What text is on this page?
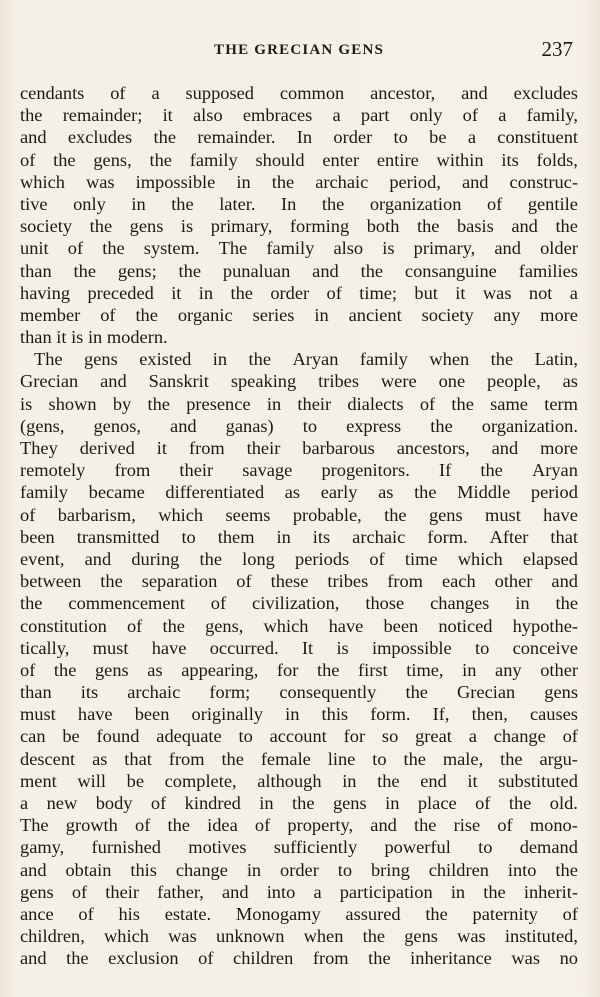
THE GRECIAN GENS	237
cendants of a supposed common ancestor, and excludes
the remainder; it also embraces a part only of a family,
and excludes the remainder. In order to be a constituent
of the gens, the family should enter entire within its folds,
which was impossible in the archaic period, and construc-
tive only in the later. In the organization of gentile
society the gens is primary, forming both the basis and the
unit of the system. The family also is primary, and older
than the gens; the punaluan and the consanguine families
having preceded it in the order of time; but it was not a
member of the organic series in ancient society any more
than it is in modern.
The gens existed in the Aryan family when the Latin,
Grecian and Sanskrit speaking tribes were one people, as
is shown by the presence in their dialects of the same term
(gens, genos, and ganas) to express the organization.
They derived it from their barbarous ancestors, and more
remotely from their savage progenitors. If the Aryan
family became differentiated as early as the Middle period
of barbarism, which seems probable, the gens must have
been transmitted to them in its archaic form. After that
event, and during the long periods of time which elapsed
between the separation of these tribes from each other and
the commencement of civilization, those changes in the
constitution of the gens, which have been noticed hypothe-
tically, must have occurred. It is impossible to conceive
of the gens as appearing, for the first time, in any other
than its archaic form; consequently the Grecian gens
must have been originally in this form. If, then, causes
can be found adequate to account for so great a change of
descent as that from the female line to the male, the argu-
ment will be complete, although in the end it substituted
a new body of kindred in the gens in place of the old.
The growth of the idea of property, and the rise of mono-
gamy, furnished motives sufficiently powerful to demand
and obtain this change in order to bring children into the
gens of their father, and into a participation in the inherit-
ance of his estate. Monogamy assured the paternity of
children, which was unknown when the gens was instituted,
and the exclusion of children from the inheritance was no
